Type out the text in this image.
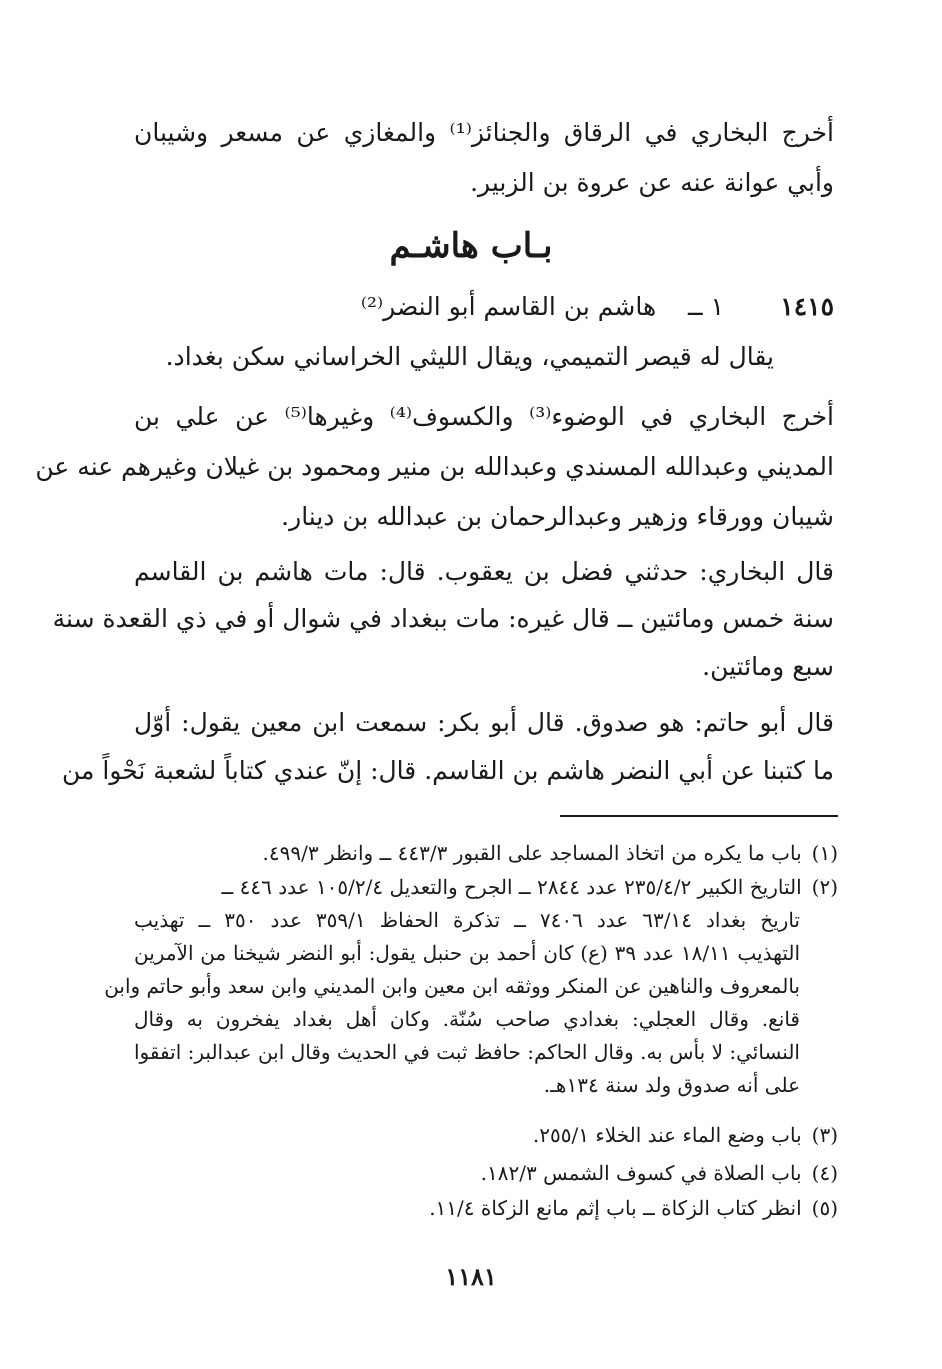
أخرج البخاري في الرقاق والجنائز⁽¹⁾ والمغازي عن مسعر وشيبان
وأبي عوانة عنه عن عروة بن الزبير.
بـاب هاشـم
١٤١٥
١ ــ    هاشم بن القاسم أبو النضر⁽²⁾
يقال له قيصر التميمي، ويقال الليثي الخراساني سكن بغداد.
أخرج البخاري في الوضوء⁽³⁾ والكسوف⁽⁴⁾ وغيرها⁽⁵⁾ عن علي بن
المديني وعبدالله المسندي وعبدالله بن منير ومحمود بن غيلان وغيرهم عنه عن
شيبان وورقاء وزهير وعبدالرحمان بن عبدالله بن دينار.
قال البخاري: حدثني فضل بن يعقوب. قال: مات هاشم بن القاسم
سنة خمس ومائتين ــ قال غيره: مات ببغداد في شوال أو في ذي القعدة سنة
سبع ومائتين.
قال أبو حاتم: هو صدوق. قال أبو بكر: سمعت ابن معين يقول: أوّل
ما كتبنا عن أبي النضر هاشم بن القاسم. قال: إنّ عندي كتاباً لشعبة نَحْواً من
(١) باب ما يكره من اتخاذ المساجد على القبور ٤٤٣/٣ ــ وانظر ٤٩٩/٣.
(٢) التاريخ الكبير ٢٣٥/٤/٢ عدد ٢٨٤٤ ــ الجرح والتعديل ١٠٥/٢/٤ عدد ٤٤٦ ــ
تاريخ بغداد ٦٣/١٤ عدد ٧٤٠٦ ــ تذكرة الحفاظ ٣٥٩/١ عدد ٣٥٠ ــ تهذيب
التهذيب ١٨/١١ عدد ٣٩ (ع) كان أحمد بن حنبل يقول: أبو النضر شيخنا من الآمرين
بالمعروف والناهين عن المنكر ووثقه ابن معين وابن المديني وابن سعد وأبو حاتم وابن
قانع. وقال العجلي: بغدادي صاحب سُنّة. وكان أهل بغداد يفخرون به وقال
النسائي: لا بأس به. وقال الحاكم: حافظ ثبت في الحديث وقال ابن عبدالبر: اتفقوا
على أنه صدوق ولد سنة ١٣٤هـ.
(٣) باب وضع الماء عند الخلاء ٢٥٥/١.
(٤) باب الصلاة في كسوف الشمس ١٨٢/٣.
(٥) انظر كتاب الزكاة ــ باب إثم مانع الزكاة ١١/٤.
١١٨١
